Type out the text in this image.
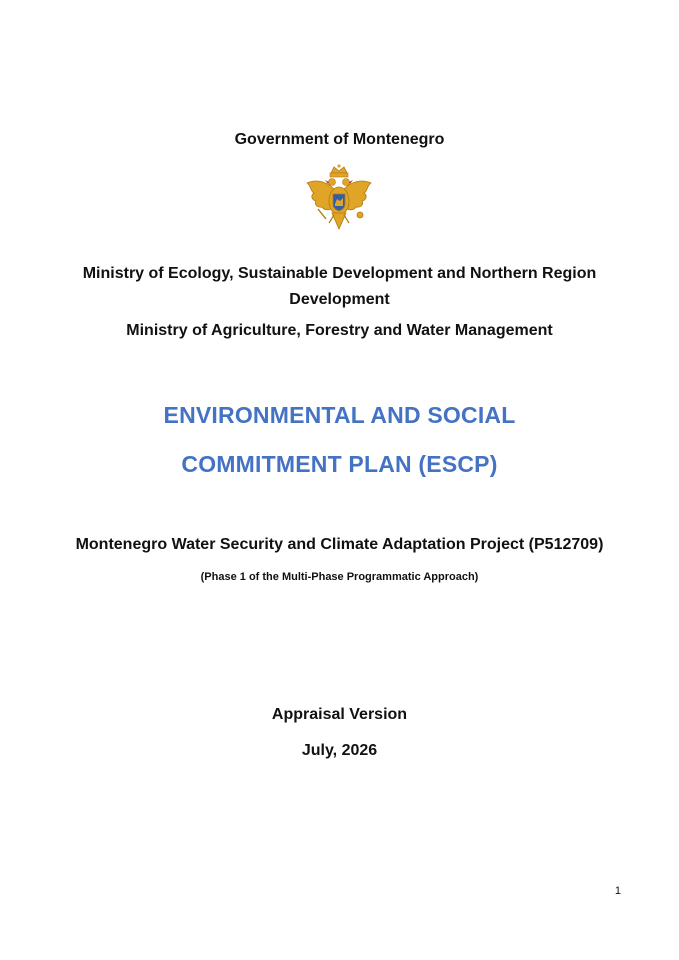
Government of Montenegro
Ministry of Ecology, Sustainable Development and Northern Region Development
Ministry of Agriculture, Forestry and Water Management
ENVIRONMENTAL AND SOCIAL
COMMITMENT PLAN (ESCP)
Montenegro Water Security and Climate Adaptation Project (P512709)
(Phase 1 of the Multi-Phase Programmatic Approach)
Appraisal Version
July, 2026
1
